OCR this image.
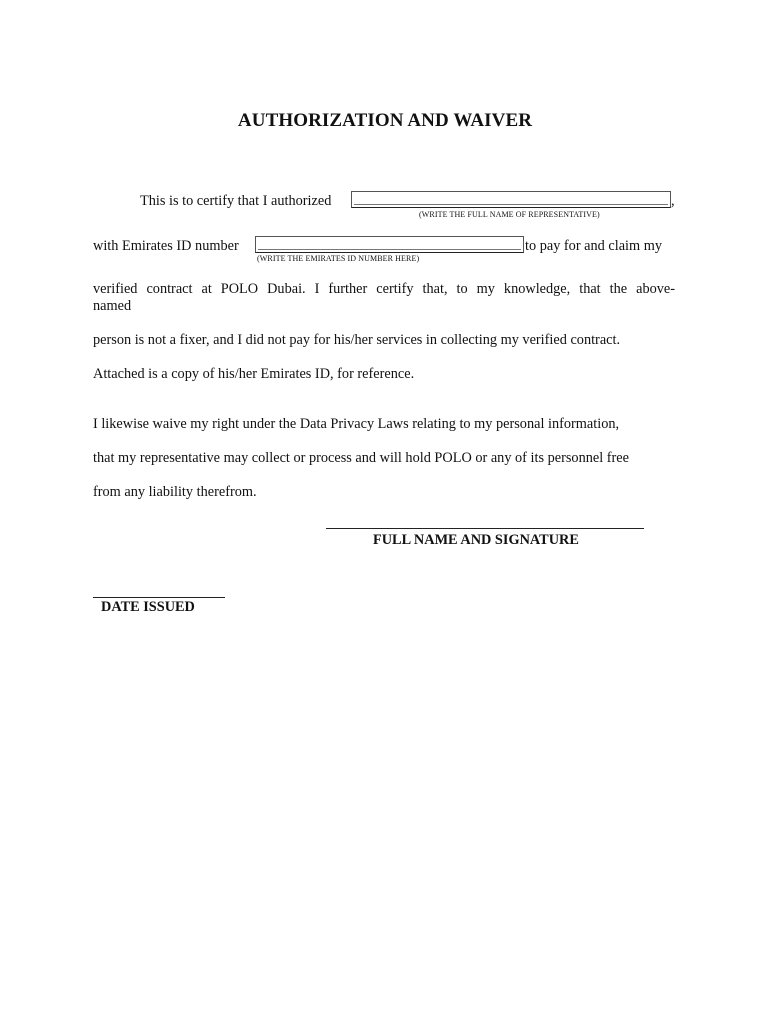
AUTHORIZATION AND WAIVER
This is to certify that I authorized	,
(WRITE THE FULL NAME OF REPRESENTATIVE)
with Emirates ID number	to pay for and claim my
(WRITE THE EMIRATES ID NUMBER HERE)
verified contract at POLO Dubai. I further certify that, to my knowledge, that the above-
named
person is not a fixer, and I did not pay for his/her services in collecting my verified contract.
Attached is a copy of his/her Emirates ID, for reference.
I likewise waive my right under the Data Privacy Laws relating to my personal information,
that my representative may collect or process and will hold POLO or any of its personnel free
from any liability therefrom.
FULL NAME AND SIGNATURE
DATE ISSUED
